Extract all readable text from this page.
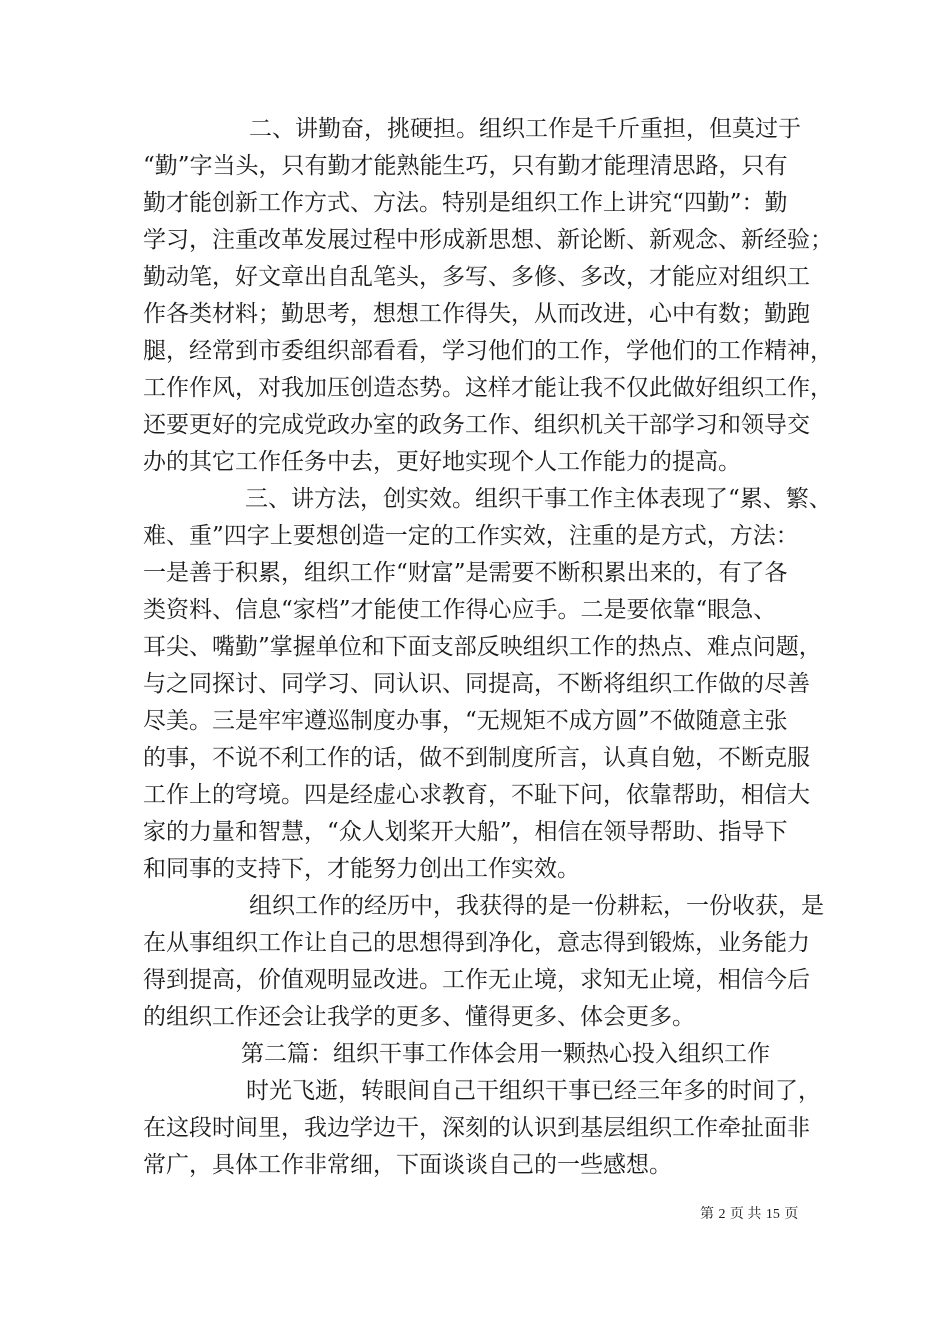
二、讲勤奋，挑硬担。组织工作是千斤重担，但莫过于
“勤”字当头，只有勤才能熟能生巧，只有勤才能理清思路，只有
勤才能创新工作方式、方法。特别是组织工作上讲究“四勤”：勤
学习，注重改革发展过程中形成新思想、新论断、新观念、新经验；
勤动笔，好文章出自乱笔头，多写、多修、多改，才能应对组织工
作各类材料；勤思考，想想工作得失，从而改进，心中有数；勤跑
腿，经常到市委组织部看看，学习他们的工作，学他们的工作精神，
工作作风，对我加压创造态势。这样才能让我不仅此做好组织工作，
还要更好的完成党政办室的政务工作、组织机关干部学习和领导交
办的其它工作任务中去，更好地实现个人工作能力的提高。
三、讲方法，创实效。组织干事工作主体表现了“累、繁、
难、重”四字上要想创造一定的工作实效，注重的是方式，方法：
一是善于积累，组织工作“财富”是需要不断积累出来的，有了各
类资料、信息“家档”才能使工作得心应手。二是要依靠“眼急、
耳尖、嘴勤”掌握单位和下面支部反映组织工作的热点、难点问题，
与之同探讨、同学习、同认识、同提高，不断将组织工作做的尽善
尽美。三是牢牢遵巡制度办事，“无规矩不成方圆”不做随意主张
的事，不说不利工作的话，做不到制度所言，认真自勉，不断克服
工作上的穹境。四是经虚心求教育，不耻下问，依靠帮助，相信大
家的力量和智慧，“众人划桨开大船”，相信在领导帮助、指导下
和同事的支持下，才能努力创出工作实效。
组织工作的经历中，我获得的是一份耕耘，一份收获，是
在从事组织工作让自己的思想得到净化，意志得到锻炼，业务能力
得到提高，价值观明显改进。工作无止境，求知无止境，相信今后
的组织工作还会让我学的更多、懂得更多、体会更多。
第二篇：组织干事工作体会用一颗热心投入组织工作
时光飞逝，转眼间自己干组织干事已经三年多的时间了，
在这段时间里，我边学边干，深刻的认识到基层组织工作牵扯面非
常广，具体工作非常细，下面谈谈自己的一些感想。
第 2 页 共 15 页
